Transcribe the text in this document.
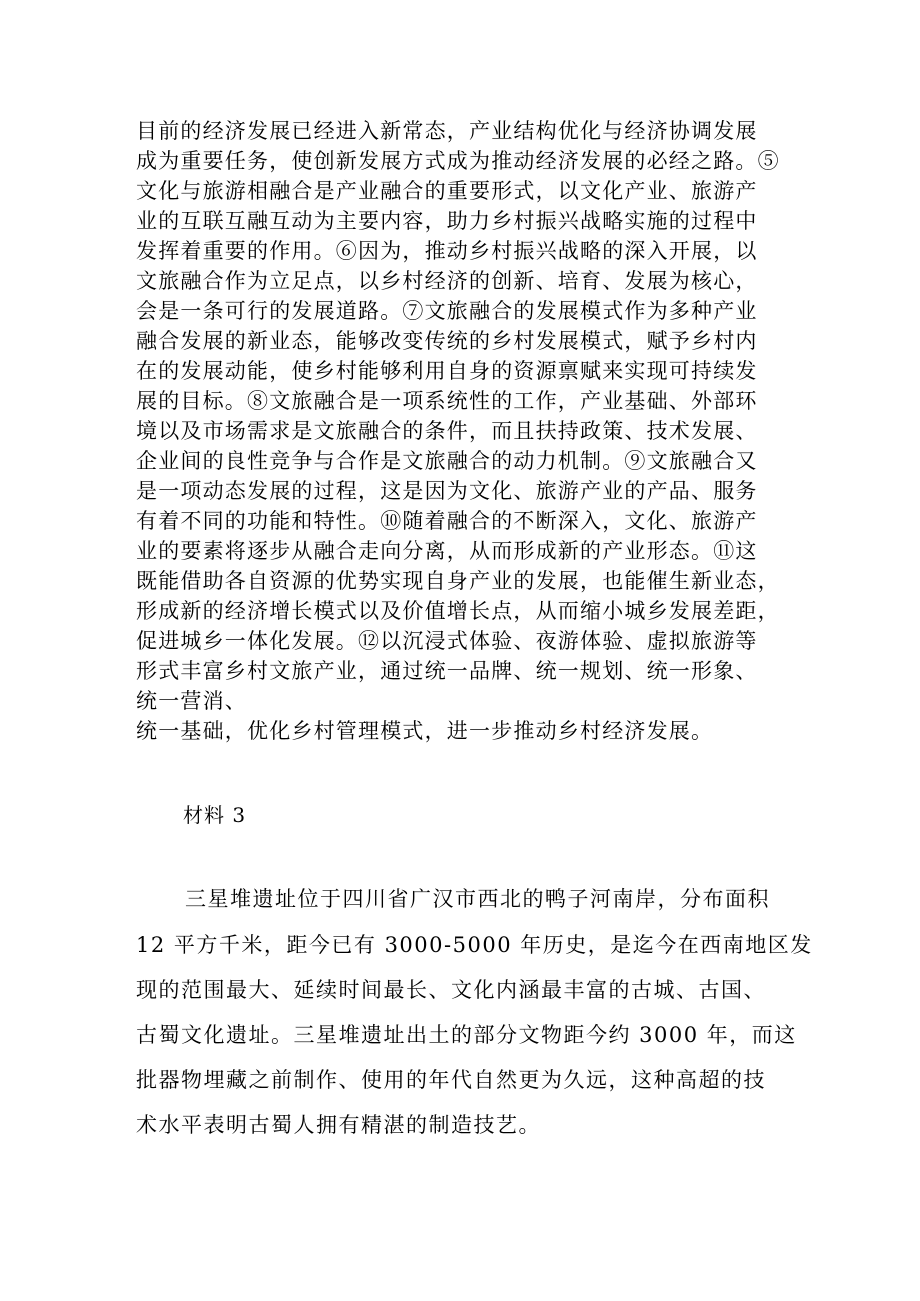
目前的经济发展已经进入新常态，产业结构优化与经济协调发展
成为重要任务，使创新发展方式成为推动经济发展的必经之路。⑤
文化与旅游相融合是产业融合的重要形式，以文化产业、旅游产
业的互联互融互动为主要内容，助力乡村振兴战略实施的过程中
发挥着重要的作用。⑥因为，推动乡村振兴战略的深入开展，以
文旅融合作为立足点，以乡村经济的创新、培育、发展为核心，
会是一条可行的发展道路。⑦文旅融合的发展模式作为多种产业
融合发展的新业态，能够改变传统的乡村发展模式，赋予乡村内
在的发展动能，使乡村能够利用自身的资源禀赋来实现可持续发
展的目标。⑧文旅融合是一项系统性的工作，产业基础、外部环
境以及市场需求是文旅融合的条件，而且扶持政策、技术发展、
企业间的良性竞争与合作是文旅融合的动力机制。⑨文旅融合又
是一项动态发展的过程，这是因为文化、旅游产业的产品、服务
有着不同的功能和特性。⑩随着融合的不断深入，文化、旅游产
业的要素将逐步从融合走向分离，从而形成新的产业形态。⑪这
既能借助各自资源的优势实现自身产业的发展，也能催生新业态，
形成新的经济增长模式以及价值增长点，从而缩小城乡发展差距，
促进城乡一体化发展。⑫以沉浸式体验、夜游体验、虚拟旅游等
形式丰富乡村文旅产业，通过统一品牌、统一规划、统一形象、
统一营消、
统一基础，优化乡村管理模式，进一步推动乡村经济发展。
材料 3
三星堆遗址位于四川省广汉市西北的鸭子河南岸，分布面积
12 平方千米，距今已有 3000-5000 年历史，是迄今在西南地区发
现的范围最大、延续时间最长、文化内涵最丰富的古城、古国、
古蜀文化遗址。三星堆遗址出土的部分文物距今约 3000 年，而这
批器物埋藏之前制作、使用的年代自然更为久远，这种高超的技
术水平表明古蜀人拥有精湛的制造技艺。
